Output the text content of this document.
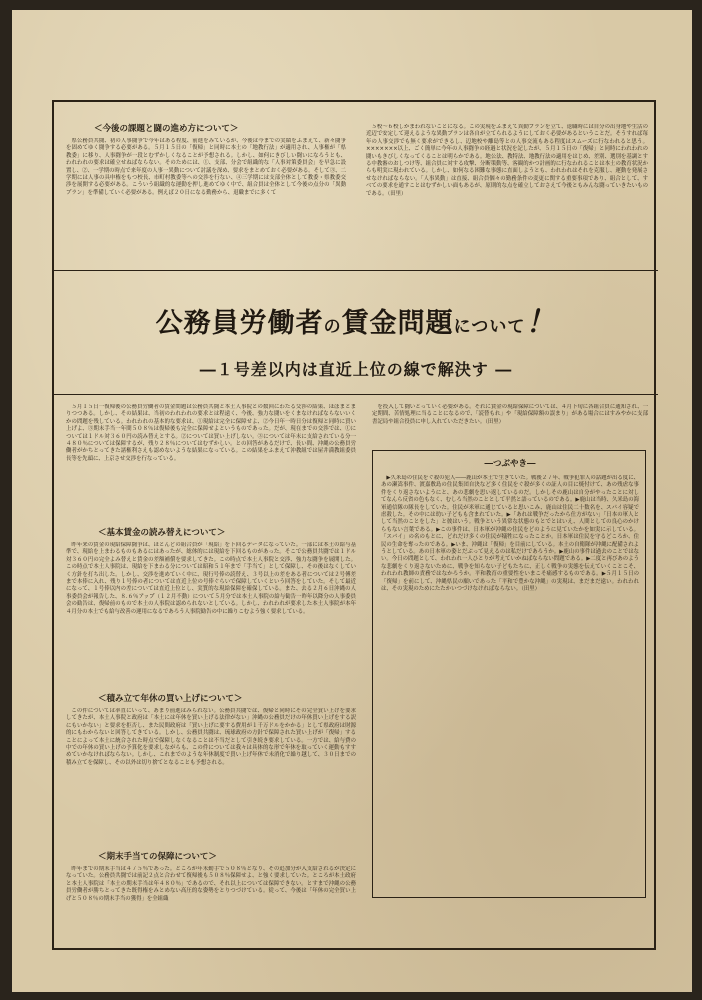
＜今後の課題と闘の進め方について＞

県公務員共闘、初の人事闘争で今年はある程度、前進をみているが、今後は今までの実績をふまえて、新々闘争を固めてゆく闘争する必要がある。５月１５日の「復帰」と同時に本土の「地教行法」が適用され、人事権が「県教委」に移り、人事闘争が一段とむずかしくなることが予想される。しかし、如何にきびしい闘いになろうとも、われわれの要求は確立せねばならない。そのためには、①、支部、分会で組織的な「人事対策委員会」を早急に設置し、②、一学期の時点で来年度の人事一異動について討議を深め、要求をまとめておく必要がある。そして③、二学期には人事の具申権をもつ校長、市町村教委等への交渉を行ない、④三学期には支部全体として教委・県教委交渉を展開する必要がある。こういう組織的な運動を押し進めてゆく中で、組合員は全体として今後の点分の「異動プラン」を準備していく必要がある。例えば２０日になる勤務から、退職までに多くて

５校～６校しかまわれないことになる。この実現をふまえて異動プランを立て、退職時には自分の出身地や生活の近辺で安定して迎えるような異動プランは各自が立てられるようにしておく必要があるということだ。そうすれば毎年の人事交渉でも無く要求ができるし、辺地校や離島等との人事交流もある程度はスムーズに行なわれると思う。×××××××以上、ごく簡単に今年の人事闘争の経過と状況を記したが、５月１５日の「復帰」と同時にわれわれの闘いもきびしくなってくることは明らかである。地公法、教特法、地教行法の適用をはじめ、差別、選別を基調とする中教審のおしつけ等、組合員に対する攻撃、分断策動等、客観的かつ計画的に行なわれることは本土の教育状況からも明実に現われている。しかし、如何なる困難な事態に直面しようとも、われわれはそれを克服し、運動を発展させなければならない。「人事異動」は直接、組合員個々の勤務条件の変更に関する重要事項であり、組合として、すべての要求を通すことはむずかしい面もあるが、原則的な点を確立しておさえて今後ともみんな闘っていきたいものである。（田里）

公務員労働者の賃金問題について！
―１号差以内は直近上位の線で解決す ―

５月１５日一復帰後の公務員労働者の賃金問題は公務員共闘と本土人事院との数回にわたる交渉の結果、ほぼまとまりつつある。しかし、その結果は、当初のわれわれの要求とは程遠く、今後、強力な闘いをくまなければならないいくかの問題を残している。われわれの基本的な要求は、①現給は完全に保障せよ、②今日年一時日分は復帰と同時に買い上げよ、③期末手当一年間５０８％は復帰後も完全に保障せよというものであった。だが、現在までの交渉では、①については１ドル対３６０円の読み替えとする。②については買い上げしない。③については年末に支給されている分一４８０％については保障するが、残り２８％についてはむずかしい。との回答があるだけで、長い間、沖縄の公務員労働者がかちとってきた諸権利さえも認めないような結果になっている。この結果をふまえて沖教組では屋井満教組委員長等を先頭に、上京させ交渉を行なっている。

＜基本賃金の読み替えについて＞

昨年来の賃金の現給保障闘争は、ほとんどの組合員が「現給」を下回るデータになっていた。一部には本土の給与基準で、現給を上まわるものもあるにはあったが、総体的には現給を下回るものがあった。そこで公務員共闘では１ドル対３６０円の完全よみ替えと賃金の差額補償を要求してきた。この時点で本土人事院と交渉、強力な闘争を展開した。この時点で本土人事院は、現給を下まわる分については昭和５１年まで「手当て」として保障し、その後はなくしていく方針を打ち出した。しかし、交渉を進めていく中に、現行号俸の読替え、３号以上の差をある者については２号傅差まで本俸に入れ、残り１号俸の者については直近上位の号俸ぐらいで保障していくという回答をしていた。そして最近になって、１号俸以内の差については直近上位とし、実質的な現給保障を確保している。また、去る２月６日沖縄の人事委員会が報告した、８.６％アップ（１２月不動）について５月分では本土人事院の給与勧告一昨年以降分の人事委員会の勧告は、復帰前のもので本土の人事院は認められないとしている。しかし、われわれが要求した本土人事院が本年４月分の本土でも給与改善の運用になるであろう人事院勧告の中に繰りこむよう強く要求している。

＜積み立て年休の買い上げについて＞

この件については率直にいって、あまり前進はみられない。公務員共闘では、復帰と同時にその完全買い上げを要求してきたが、本土人事院と政府は「本土には年休を買い上げる法律がない」沖縄の公務員だけの年休買い上げをする訳にもいかない」と要求を拒否し、また民間政府は「買い上げに要する費用が１千万ドルをかかる」として県政府は財源的にもわからないと回答してきている。しかし、公務員共闘は、琉球政府の方針で保障された買い上げが「復帰」することによって本土に統合された時点で保障しなくなることは不当だとして引き続き要求している。一方では、給与費の中での年休の買い上げの予算化を要求しながらも、この件については我々は具体的な形で年休を取っていく運動もすすめていかなければならない。しかし、これまでのような年休制度で買い上げ年休で未消化で繰り越して、３０日までの積み立てを保障し、その以外は切り捨てとなることも予想される。

＜期末手当ての保障について＞

昨年までの期末手当は４７５％であった。ところが年末勤手で５０８％となり、その追加分が入支給されるが決定になっていた。公務員共闘では前記２点と合わせて復帰後も５０８％保障せよ、と強く要求していた。ところが本土政府と本土人事院は「本土の期末手当は年４８０％」であるので、それ以上については保障できない。とすまで沖縄の公務員労働者が勝ちとってきた既得権をみとめない高圧的な姿勢をとりつづけている。従って、今後は「年休の完全買い上げと５０８％の期末手当の獲得」を全組織

を投入して闘いとっていく必要がある。それに賃金の現給保障については、４月下旬に各組合員に通知され、一定期間、苦情処理に当ることになるので、「読替もれ」や「現給保障額の誤まり」がある場合にはすみやかに支部書記局や組合役員に申し入れていただきたい。（田里）

―つぶやき―

▶久米島の住民をぐ殺の犯人――鹿山が本土で生きていた。戦後２７年、戦争犯罪人の話題が出る度に、あの瀬嵩事件、渡嘉敷島の住民集団自決など多く住民をぐ殺が多くの証人の目に焼付けて、あの残虐な事件をくり返さないようにと、あの悲劇を思い返しているのだ。しかしその鹿山は自分がやったことに対してなんら反省の色もなく、むしろ当然のこととして平然と語っているのである。▶鹿山は当時、久米島の海軍通信隊の隊長をしていた。住民が米軍に通じていると思いこみ、鹿山は住民二十数名を、スパイ容疑で虐殺した。その中には幼い子どもも含まれていた。▶「あれは戦争だったから仕方がない」「日本の軍人として当然のことをした」と彼はいう。戦争という異常な状態のもとでとはいえ、人間としての良心のかけらもない言葉である。▶この事件は、日本軍が沖縄の住民をどのように見ていたかを如実に示している。「スパイ」の名のもとに、どれだけ多くの住民が犠牲になったことか。日本軍は住民を守るどころか、住民の生命を奪ったのである。▶いま、沖縄は「復帰」を目前にしている。本土の自衛隊が沖縄に配備されようとしている。あの日本軍の姿とだぶって見えるのは私だけであろうか。▶鹿山の事件は過去のことではない。今日の問題として、われわれ一人ひとりが考えていかねばならない問題である。▶二度と再びあのような悲劇をくり返さないために、戦争を知らない子どもたちに、正しく戦争の実態を伝えていくことこそ、われわれ教師の責務ではなかろうか。平和教育の重要性をいまこそ痛感するものである。▶５月１５日の「復帰」を前にして、沖縄県民の願いであった「平和で豊かな沖縄」の実現は、まだまだ遠い。われわれは、その実現のためにたたかいつづけなければならない。（田里）
